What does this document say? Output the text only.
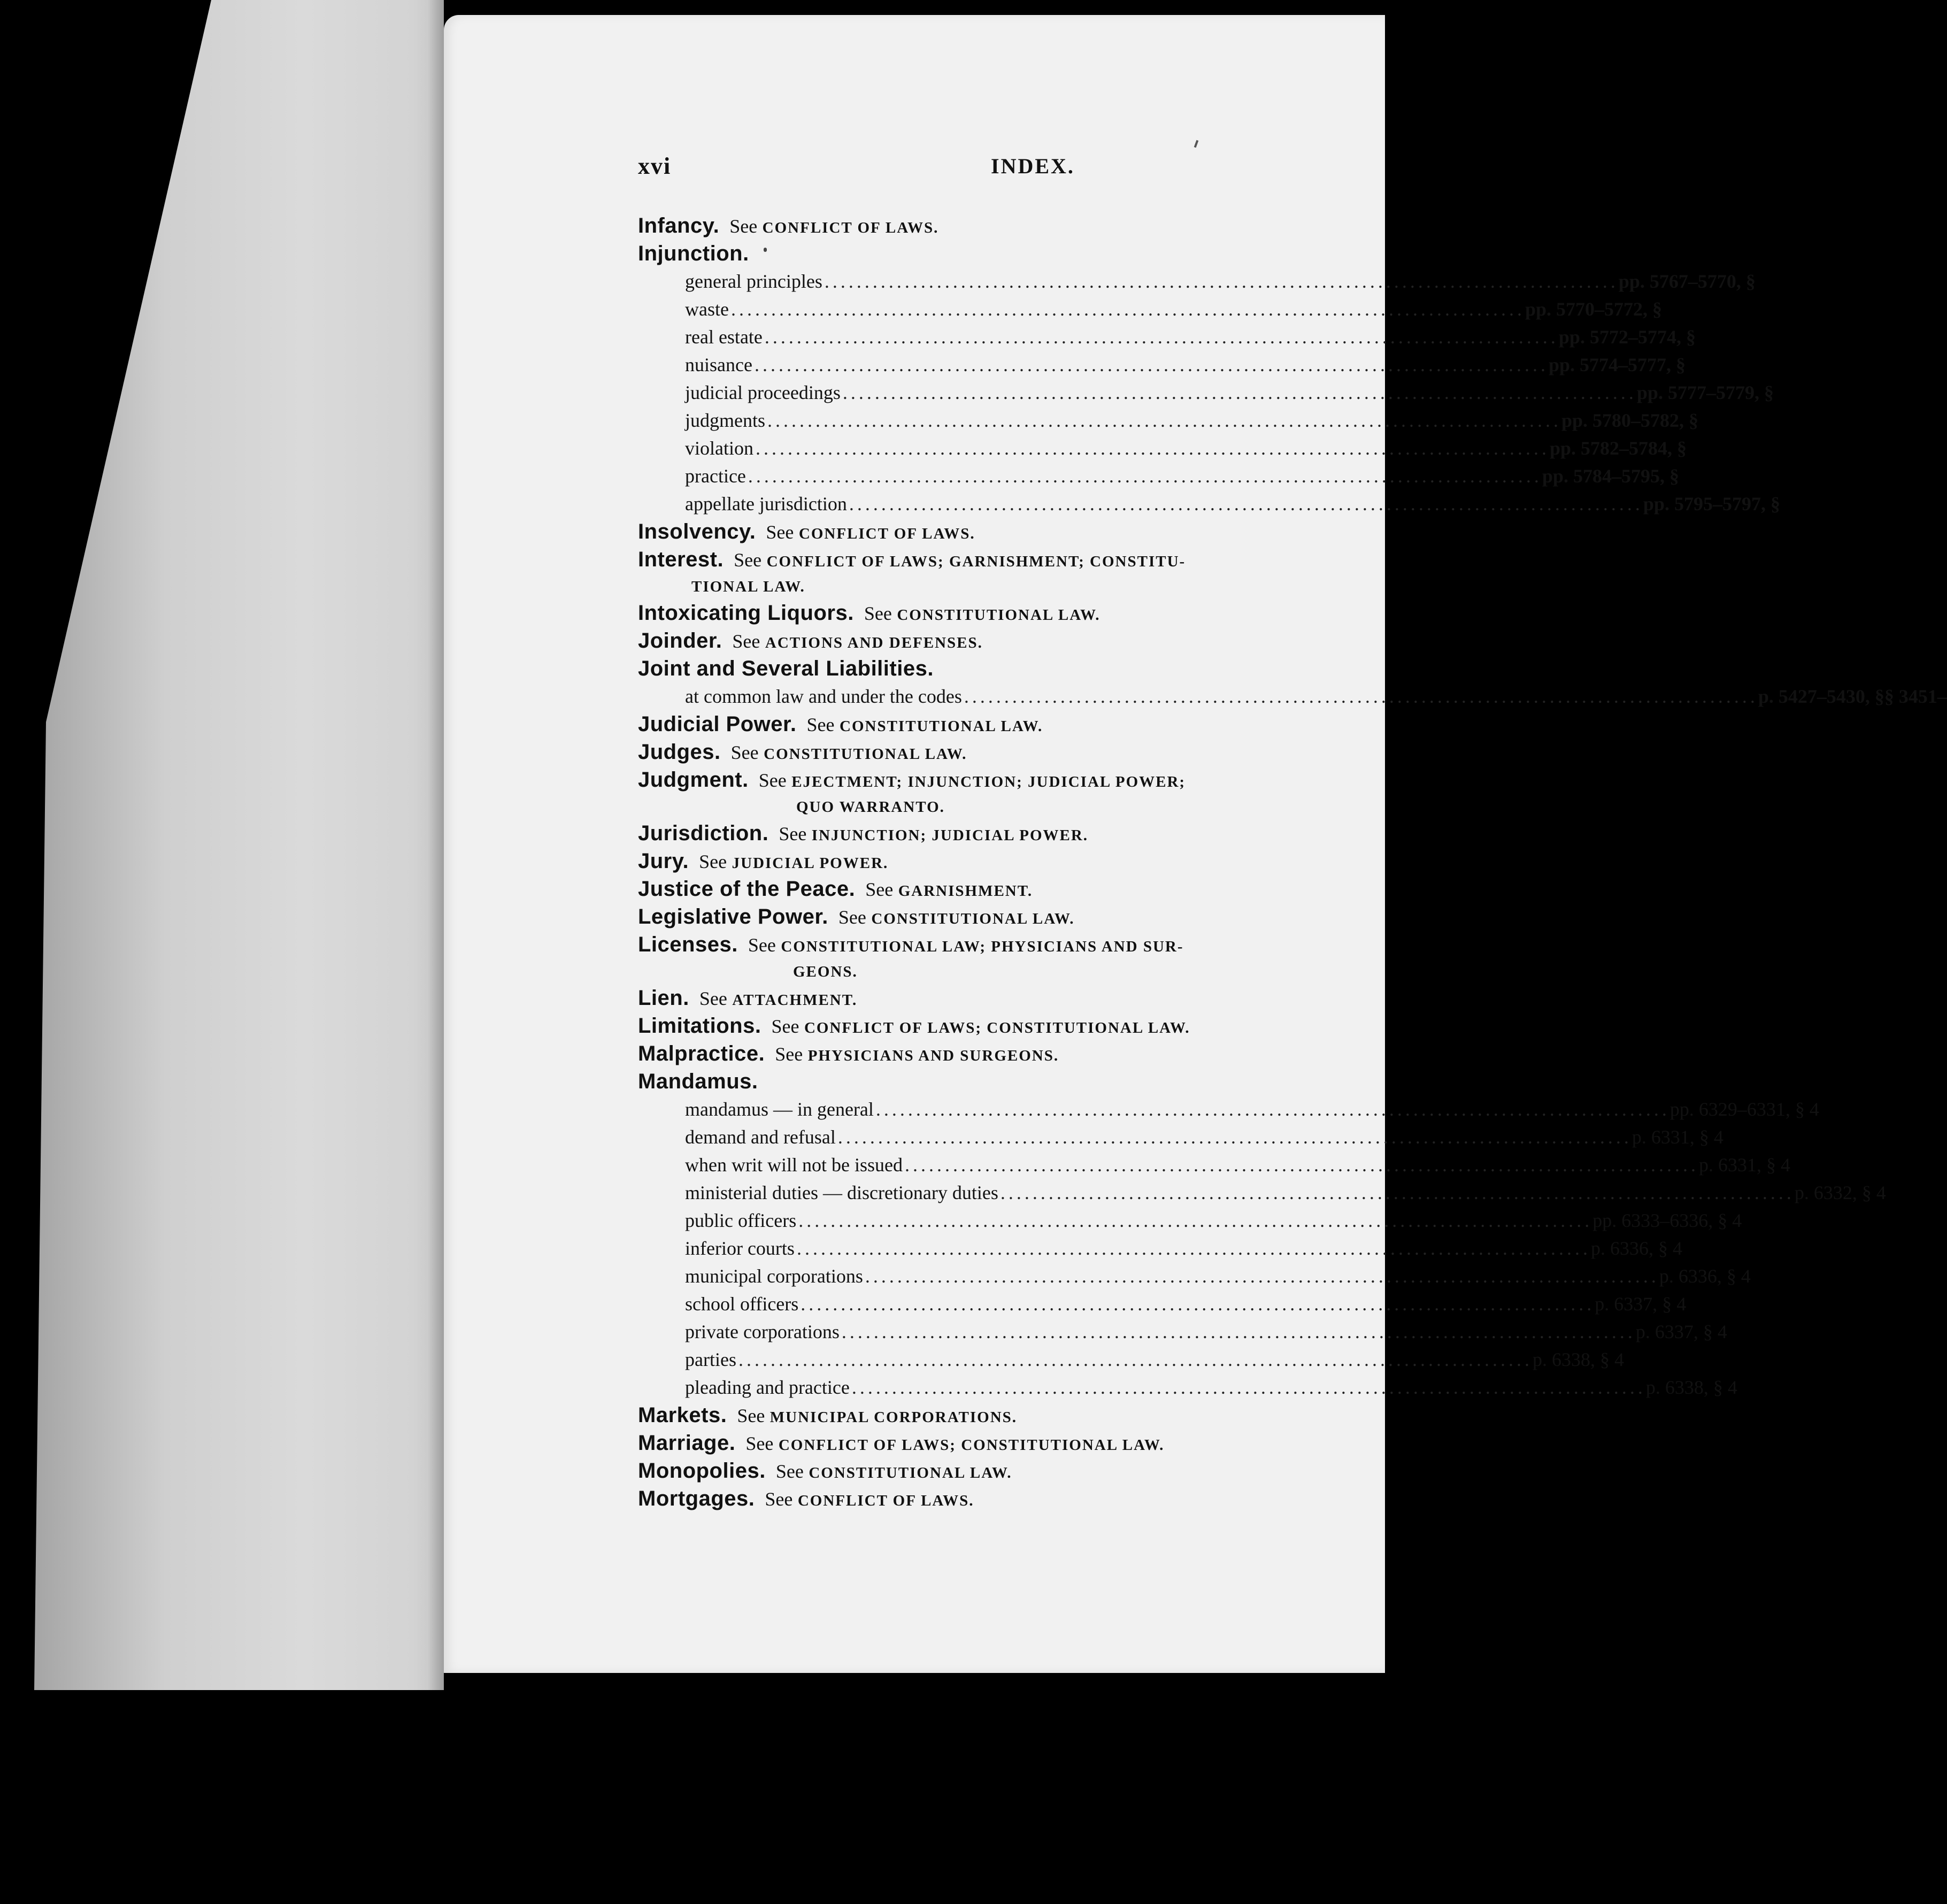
xvi	INDEX.
Infancy. See CONFLICT OF LAWS.
Injunction.
general principles ................................................................................................... pp. 5767–5770, §
waste ................................................................................................... pp. 5770–5772, §
real estate ................................................................................................... pp. 5772–5774, §
nuisance ................................................................................................... pp. 5774–5777, §
judicial proceedings ................................................................................................... pp. 5777–5779, §
judgments ................................................................................................... pp. 5780–5782, §
violation ................................................................................................... pp. 5782–5784, §
practice ................................................................................................... pp. 5784–5795, §
appellate jurisdiction ................................................................................................... pp. 5795–5797, §
Insolvency. See CONFLICT OF LAWS.
Interest. See CONFLICT OF LAWS; GARNISHMENT; CONSTITU-
TIONAL LAW.
Intoxicating Liquors. See CONSTITUTIONAL LAW.
Joinder. See ACTIONS AND DEFENSES.
Joint and Several Liabilities.
at common law and under the codes ................................................................................................... p. 5427–5430, §§ 3451–
Judicial Power. See CONSTITUTIONAL LAW.
Judges. See CONSTITUTIONAL LAW.
Judgment. See EJECTMENT; INJUNCTION; JUDICIAL POWER;
QUO WARRANTO.
Jurisdiction. See INJUNCTION; JUDICIAL POWER.
Jury. See JUDICIAL POWER.
Justice of the Peace. See GARNISHMENT.
Legislative Power. See CONSTITUTIONAL LAW.
Licenses. See CONSTITUTIONAL LAW; PHYSICIANS AND SUR-
GEONS.
Lien. See ATTACHMENT.
Limitations. See CONFLICT OF LAWS; CONSTITUTIONAL LAW.
Malpractice. See PHYSICIANS AND SURGEONS.
Mandamus.
mandamus — in general ................................................................................................... pp. 6329–6331, § 4
demand and refusal ................................................................................................... p. 6331, § 4
when writ will not be issued ................................................................................................... p. 6331, § 4
ministerial duties — discretionary duties ................................................................................................... p. 6332, § 4
public officers ................................................................................................... pp. 6333–6336, § 4
inferior courts ................................................................................................... p. 6336, § 4
municipal corporations ................................................................................................... p. 6336, § 4
school officers ................................................................................................... p. 6337, § 4
private corporations ................................................................................................... p. 6337, § 4
parties ................................................................................................... p. 6338, § 4
pleading and practice ................................................................................................... p. 6338, § 4
Markets. See MUNICIPAL CORPORATIONS.
Marriage. See CONFLICT OF LAWS; CONSTITUTIONAL LAW.
Monopolies. See CONSTITUTIONAL LAW.
Mortgages. See CONFLICT OF LAWS.
